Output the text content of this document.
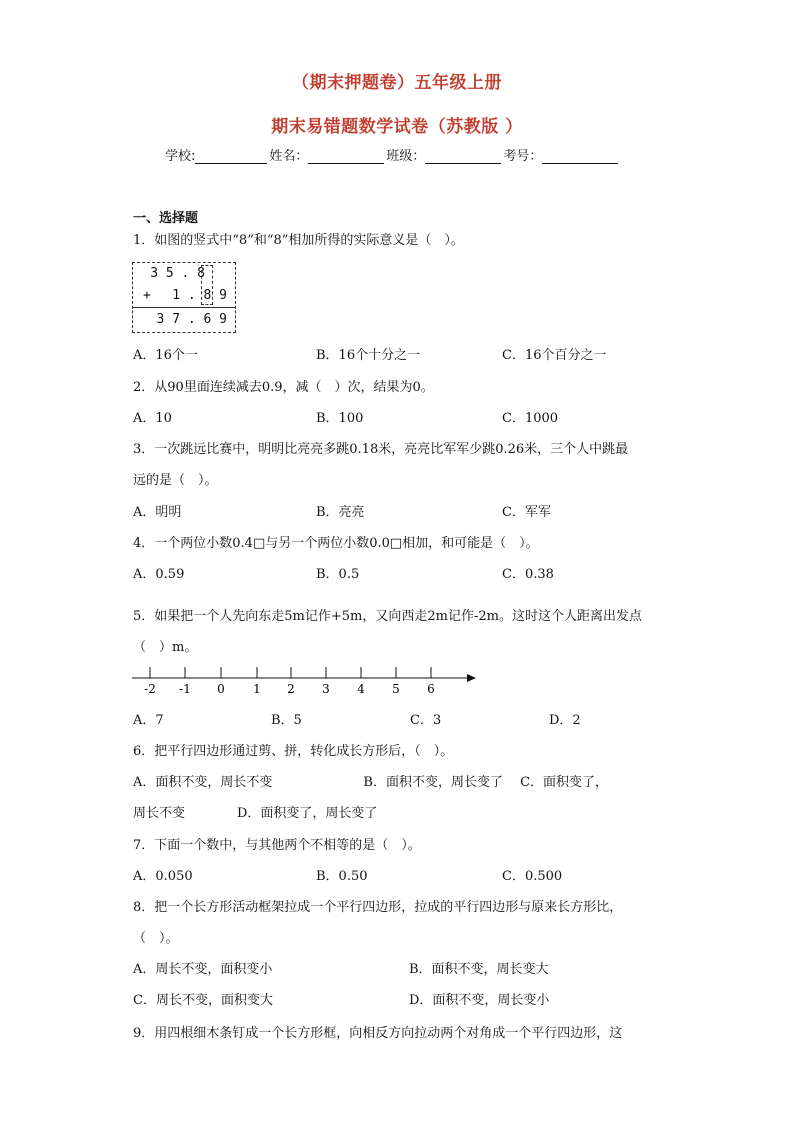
（期末押题卷）五年级上册
期末易错题数学试卷（苏教版 ）
学校:	姓名：	班级：	考号：
一、选择题
1．如图的竖式中“8”和“8”相加所得的实际意义是（　）。
3 5 . 8
+	1 . 8 9
3 7 . 6 9
A．16个一	B．16个十分之一	C．16个百分之一
2．从90里面连续减去0.9，减（　）次，结果为0。
A．10	B．100	C．1000
3．一次跳远比赛中，明明比亮亮多跳0.18米，亮亮比军军少跳0.26米，三个人中跳最
远的是（　）。
A．明明	B．亮亮	C．军军
4．一个两位小数0.4□与另一个两位小数0.0□相加，和可能是（　）。
A．0.59	B．0.5	C．0.38
5．如果把一个人先向东走5m记作+5m，又向西走2m记作-2m。这时这个人距离出发点
（　）m。
-2 -1 0 1 2 3 4 5 6
A．7	B．5	C．3	D．2
6．把平行四边形通过剪、拼，转化成长方形后，（　）。
A．面积不变，周长不变　　　　　　　B．面积不变，周长变了　 C．面积变了，
周长不变　　　　D．面积变了，周长变了
7．下面一个数中，与其他两个不相等的是（　）。
A．0.050	B．0.50	C．0.500
8．把一个长方形活动框架拉成一个平行四边形，拉成的平行四边形与原来长方形比，
（　）。
A．周长不变，面积变小	B．面积不变，周长变大
C．周长不变，面积变大	D．面积不变，周长变小
9．用四根细木条钉成一个长方形框，向相反方向拉动两个对角成一个平行四边形，这
